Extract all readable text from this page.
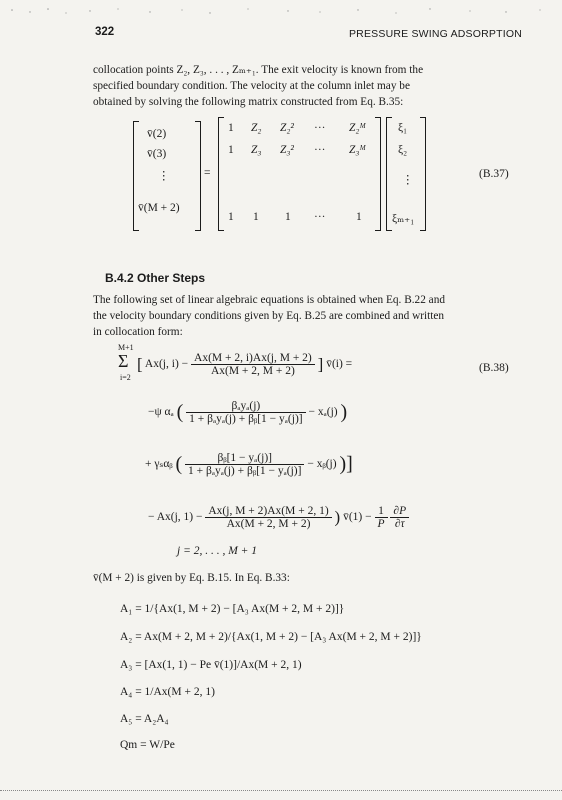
322	PRESSURE SWING ADSORPTION
collocation points Z₂, Z₃, . . . , Zₘ₊₁. The exit velocity is known from the
specified boundary condition. The velocity at the column inlet may be
obtained by solving the following matrix constructed from Eq. B.35:
v̄(2)
v̄(3)
⋮
v̄(M + 2)
=
1 Z₂ Z₂² ··· Z₂ᴹ
1 Z₃ Z₃² ··· Z₃ᴹ
1 1 1 ···	1
ξ₁
ξ₂
⋮
ξₘ₊₁
(B.37)
B.4.2 Other Steps
The following set of linear algebraic equations is obtained when Eq. B.22 and
the velocity boundary conditions given by Eq. B.25 are combined and written
in collocation form:
M+1
Σ
i=2
[ Ax(j, $i) - \frac{Ax(M + 2, i)Ax(j, M + 2)}{Ax(M + 2, M + 2)}$ ] v̄(i) =	(B.38)
−ψ αₐ ( $\frac{\text{βₐyₐ(j)}}{\text{1 + βₐyₐ(j) + βᵦ[1 − yₐ(j)]}} - x_a(j)$ )
+ γₛαᵦ ( $\frac{\text{βᵦ[1 − yₐ(j)]}}{\text{1 + βₐyₐ(j) + βᵦ[1 − yₐ(j)]}}$ − xᵦ(j) )]
− Ax(j, $1) - \frac{Ax(j, M + 2)Ax(M + 2, 1)}{Ax(M + 2, M + 2)}$ ) v̄(1) − $\frac{1}{P}$
$\frac{\partial P}{\partial\tau}$
j = 2, . . . , M + 1
v̄(M + 2) is given by Eq. B.15. In Eq. B.33:
A₁ = 1/{Ax(1, M + 2) − [A₃ Ax(M + 2, M + 2)]}
A₂ = Ax(M + 2, M + 2)/{Ax(1, M + 2) − [A₃ Ax(M + 2, M + 2)]}
A₃ = [Ax(1, 1) − Pe v̄(1)]/Ax(M + 2, 1)
A₄ = 1/Ax(M + 2, 1)
A₅ = A₂A₄
Qm = W/Pe
